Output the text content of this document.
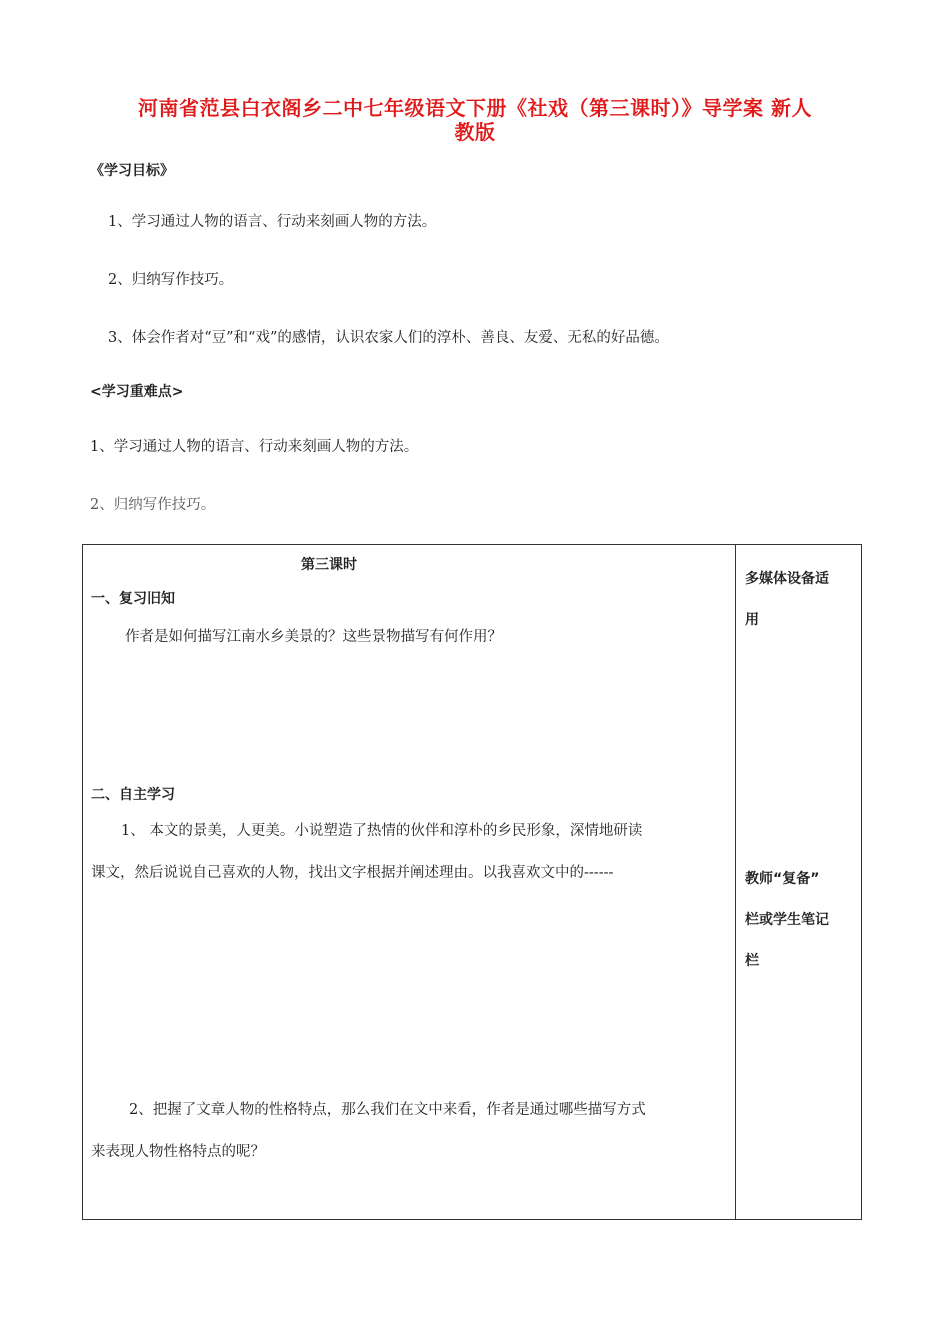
河南省范县白衣阁乡二中七年级语文下册《社戏（第三课时）》导学案 新人
教版
《学习目标》
1、学习通过人物的语言、行动来刻画人物的方法。
2、归纳写作技巧。
3、体会作者对“豆”和“戏”的感情，认识农家人们的淳朴、善良、友爱、无私的好品德。
<学习重难点>
1、学习通过人物的语言、行动来刻画人物的方法。
2、归纳写作技巧。
第三课时
一、复习旧知
作者是如何描写江南水乡美景的？这些景物描写有何作用？
二、自主学习
1、 本文的景美，人更美。小说塑造了热情的伙伴和淳朴的乡民形象，深情地研读
课文，然后说说自己喜欢的人物，找出文字根据并阐述理由。以我喜欢文中的------
2、把握了文章人物的性格特点，那么我们在文中来看，作者是通过哪些描写方式
来表现人物性格特点的呢？
多媒体设备适
用
教师“复备”
栏或学生笔记
栏
